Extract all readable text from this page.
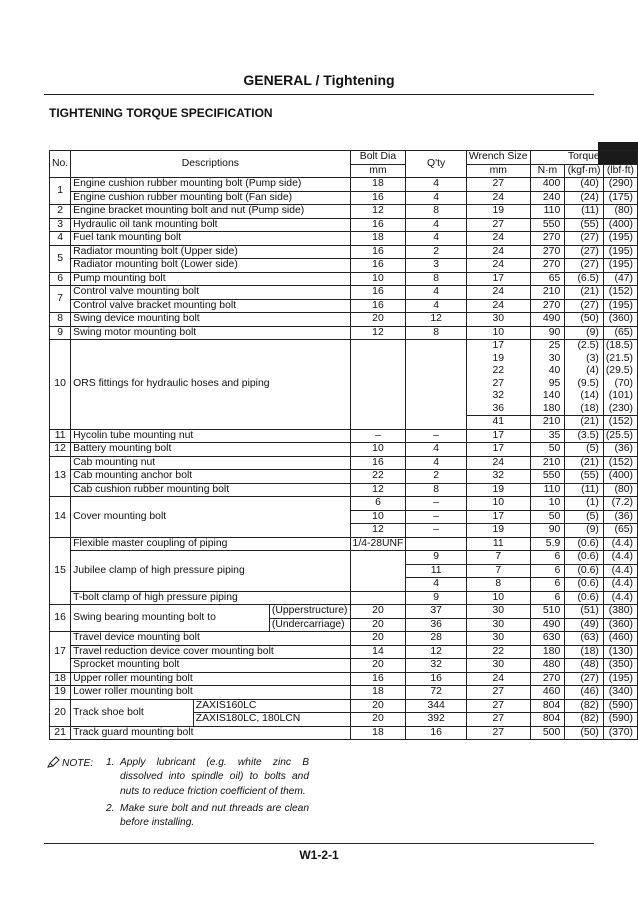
GENERAL / Tightening
TIGHTENING TORQUE SPECIFICATION
No.	Descriptions			Bolt Dia	Q'ty	Wrench Size	Torque		
				mm		mm	N·m	(kgf·m)	(lbf·ft)
1	Engine cushion rubber mounting bolt (Pump side)			18	4	27	400	(40)	(290)
	Engine cushion rubber mounting bolt (Fan side)			16	4	24	240	(24)	(175)
2	Engine bracket mounting bolt and nut (Pump side)			12	8	19	110	(11)	(80)
3	Hydraulic oil tank mounting bolt			16	4	27	550	(55)	(400)
4	Fuel tank mounting bolt			18	4	24	270	(27)	(195)
5	Radiator mounting bolt (Upper side)			16	2	24	270	(27)	(195)
	Radiator mounting bolt (Lower side)			16	3	24	270	(27)	(195)
6	Pump mounting bolt			10	8	17	65	(6.5)	(47)
7	Control valve mounting bolt			16	4	24	210	(21)	(152)
	Control valve bracket mounting bolt			16	4	24	270	(27)	(195)
8	Swing device mounting bolt			20	12	30	490	(50)	(360)
9	Swing motor mounting bolt			12	8	10	90	(9)	(65)
10	ORS fittings for hydraulic hoses and piping					17	25	(2.5)	(18.5)
						19	30	(3)	(21.5)
						22	40	(4)	(29.5)
						27	95	(9.5)	(70)
						32	140	(14)	(101)
						36	180	(18)	(230)
						41	210	(21)	(152)
11	Hycolin tube mounting nut			–	–	17	35	(3.5)	(25.5)
12	Battery mounting bolt			10	4	17	50	(5)	(36)
13	Cab mounting nut			16	4	24	210	(21)	(152)
	Cab mounting anchor bolt			22	2	32	550	(55)	(400)
	Cab cushion rubber mounting bolt			12	8	19	110	(11)	(80)
14	Cover mounting bolt			6	–	10	10	(1)	(7.2)
				10	–	17	50	(5)	(36)
				12	–	19	90	(9)	(65)
15	Flexible master coupling of piping			1/4-28UNF		11	5.9	(0.6)	(4.4)
	Jubilee clamp of high pressure piping				9	7	6	(0.6)	(4.4)
					11	7	6	(0.6)	(4.4)
					4	8	6	(0.6)	(4.4)
	T-bolt clamp of high pressure piping				9	10	6	(0.6)	(4.4)
16	Swing bearing mounting bolt to		(Upperstructure)	20	37	30	510	(51)	(380)
			(Undercarriage)	20	36	30	490	(49)	(360)
17	Travel device mounting bolt			20	28	30	630	(63)	(460)
	Travel reduction device cover mounting bolt			14	12	22	180	(18)	(130)
	Sprocket mounting bolt			20	32	30	480	(48)	(350)
18	Upper roller mounting bolt			16	16	24	270	(27)	(195)
19	Lower roller mounting bolt			18	72	27	460	(46)	(340)
20	Track shoe bolt	ZAXIS160LC		20	344	27	804	(82)	(590)
		ZAXIS180LC, 180LCN		20	392	27	804	(82)	(590)
21	Track guard mounting bolt			18	16	27	500	(50)	(370)
NOTE:	1. Apply lubricant (e.g. white zinc B dissolved into spindle oil) to bolts and nuts to reduce friction coefficient of them.
2. Make sure bolt and nut threads are clean before installing.
W1-2-1
